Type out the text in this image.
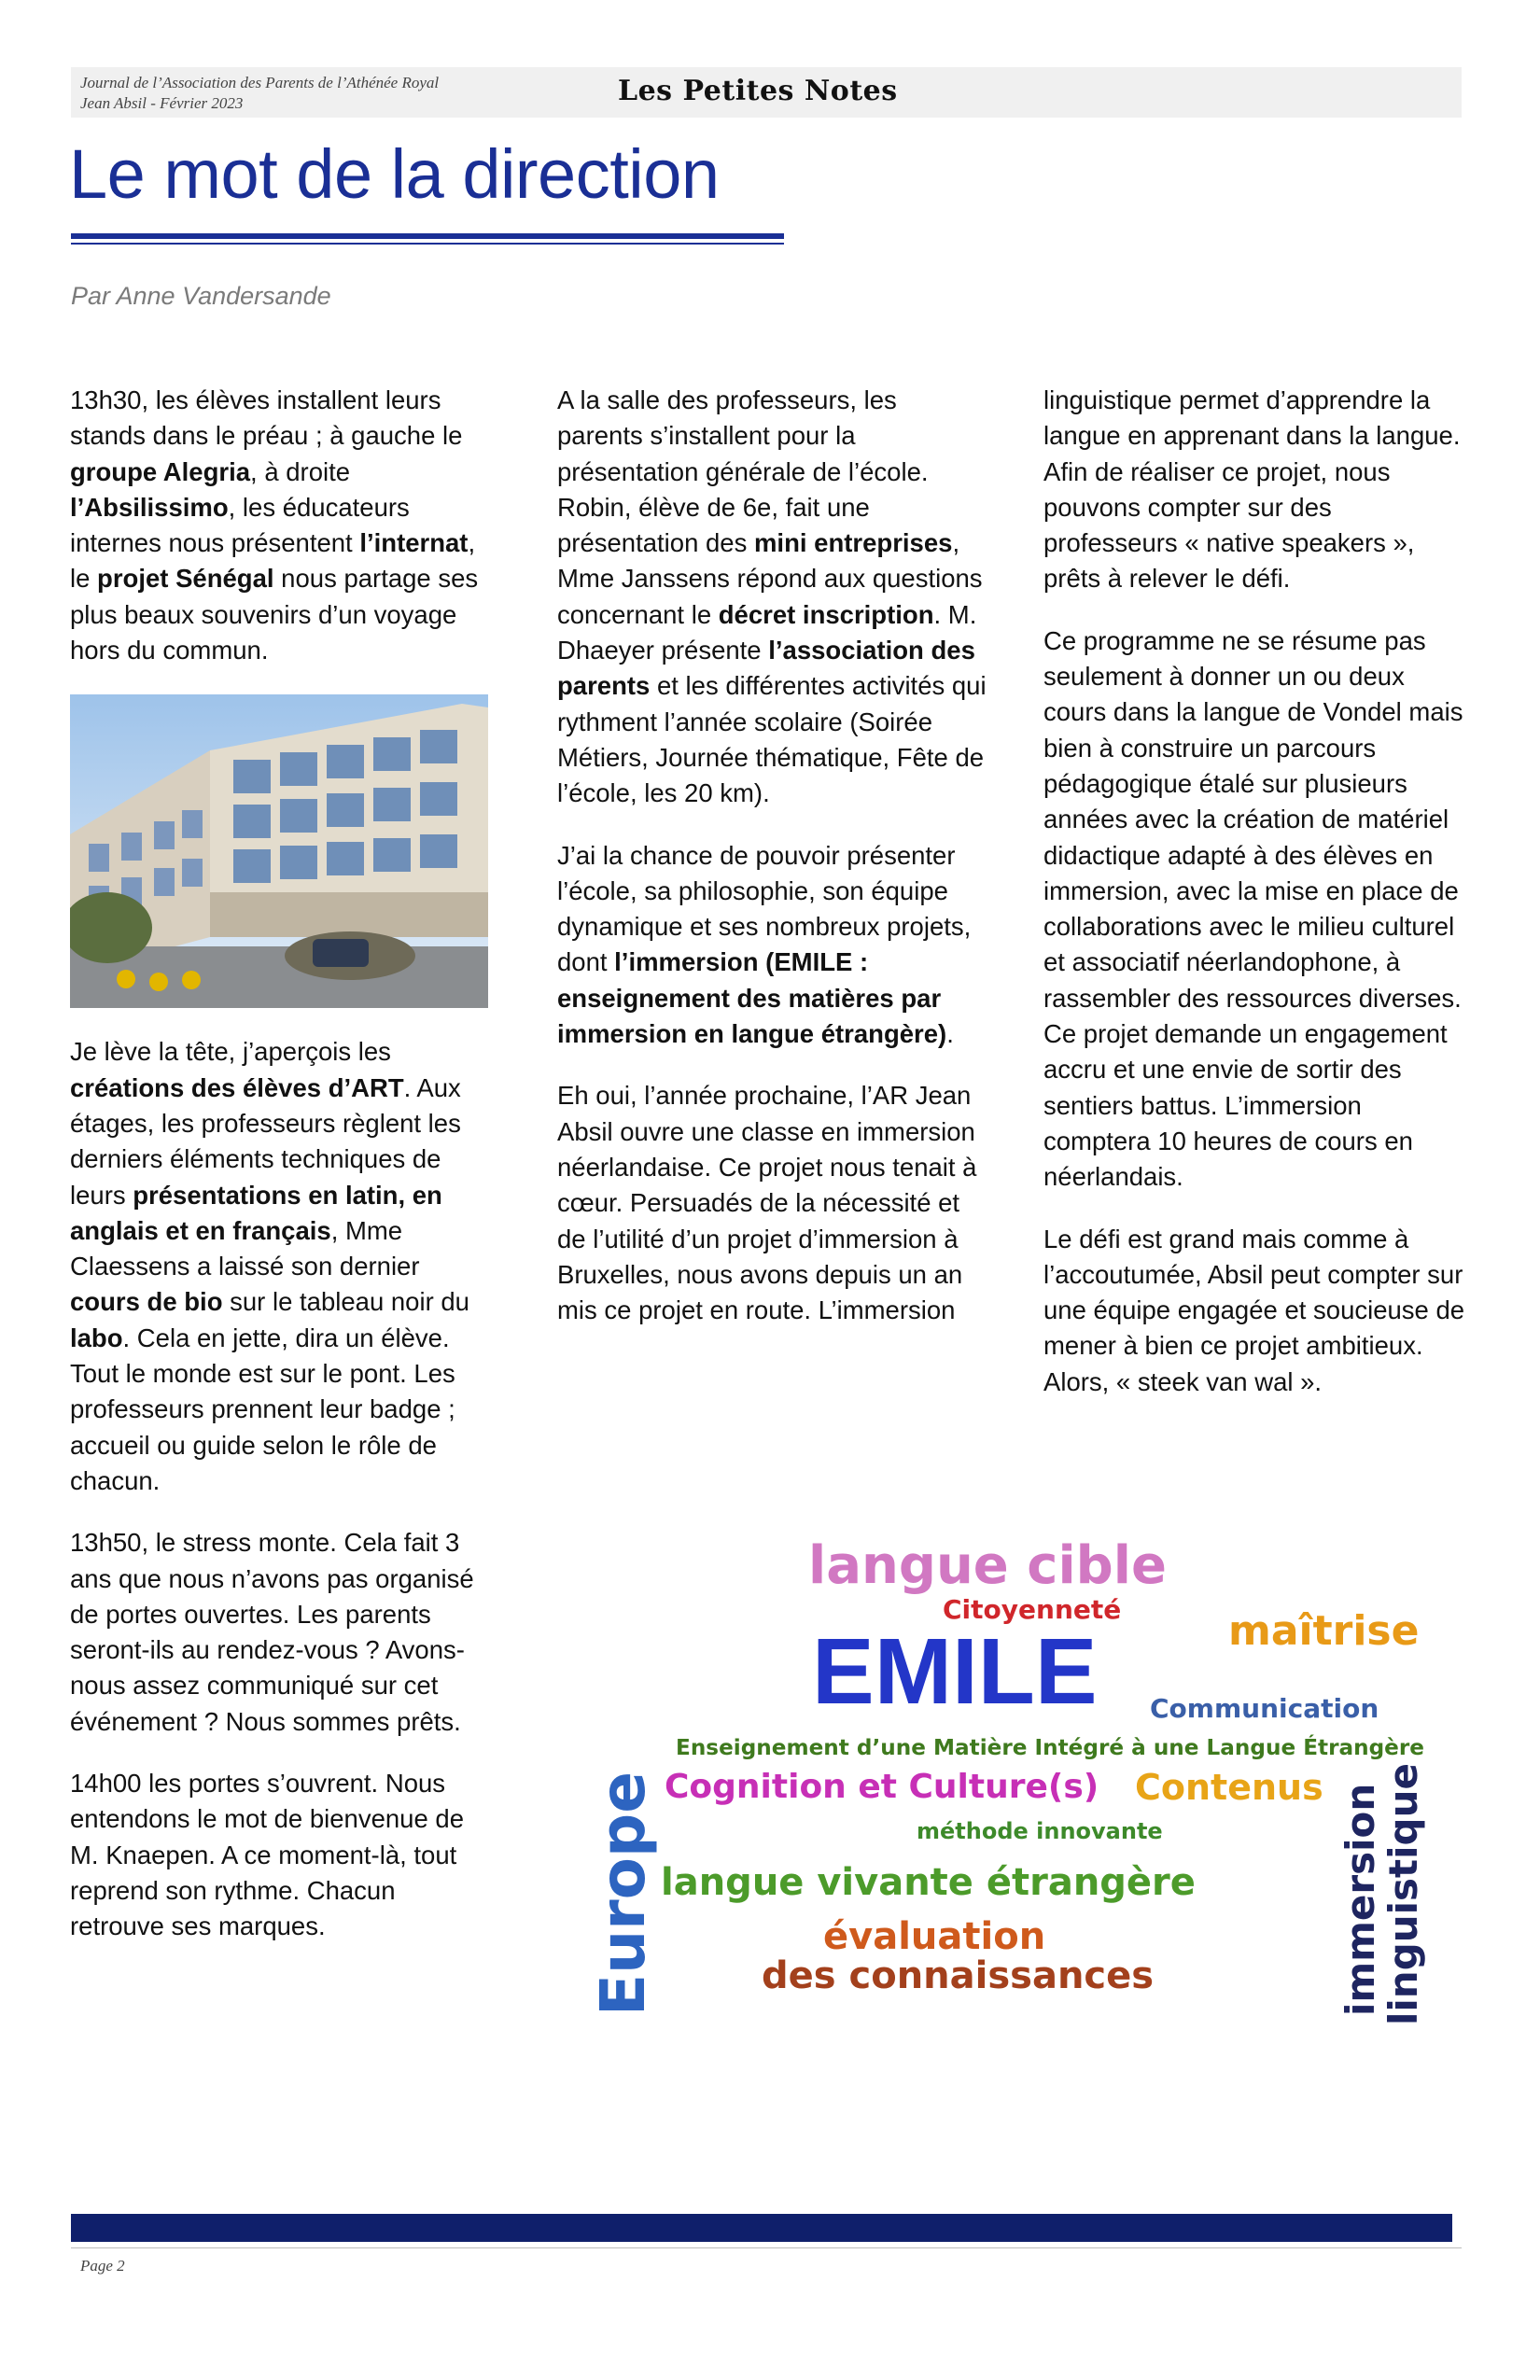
Journal de l’Association des Parents de l’Athénée Royal
Jean Absil - Février 2023	Les Petites Notes
Le mot de la direction
Par Anne Vandersande

13h30, les élèves installent leurs stands dans le préau ; à gauche le groupe Alegria, à droite l’Absilissimo, les éducateurs internes nous présentent l’internat, le projet Sénégal nous partage ses plus beaux souvenirs d’un voyage hors du commun.

Je lève la tête, j’aperçois les créations des élèves d’ART. Aux étages, les professeurs règlent les derniers éléments techniques de leurs présentations en latin, en anglais et en français, Mme Claessens a laissé son dernier cours de bio sur le tableau noir du labo. Cela en jette, dira un élève. Tout le monde est sur le pont. Les professeurs prennent leur badge ; accueil ou guide selon le rôle de chacun.

13h50, le stress monte. Cela fait 3 ans que nous n’avons pas organisé de portes ouvertes. Les parents seront-ils au rendez-vous ? Avons-nous assez communiqué sur cet événement ? Nous sommes prêts.

14h00 les portes s’ouvrent. Nous entendons le mot de bienvenue de M. Knaepen. A ce moment-là, tout reprend son rythme. Chacun retrouve ses marques.

A la salle des professeurs, les parents s’installent pour la présentation générale de l’école. Robin, élève de 6e, fait une présentation des mini entreprises, Mme Janssens répond aux questions concernant le décret inscription. M. Dhaeyer présente l’association des parents et les différentes activités qui rythment l’année scolaire (Soirée Métiers, Journée thématique, Fête de l’école, les 20 km).

J’ai la chance de pouvoir présenter l’école, sa philosophie, son équipe dynamique et ses nombreux projets, dont l’immersion (EMILE : enseignement des matières par immersion en langue étrangère).

Eh oui, l’année prochaine, l’AR Jean Absil ouvre une classe en immersion néerlandaise. Ce projet nous tenait à cœur. Persuadés de la nécessité et de l’utilité d’un projet d’immersion à Bruxelles, nous avons depuis un an mis ce projet en route. L’immersion

linguistique permet d’apprendre la langue en apprenant dans la langue. Afin de réaliser ce projet, nous pouvons compter sur des professeurs « native speakers », prêts à relever le défi.

Ce programme ne se résume pas seulement à donner un ou deux cours dans la langue de Vondel mais bien à construire un parcours pédagogique étalé sur plusieurs années avec la création de matériel didactique adapté à des élèves en immersion, avec la mise en place de collaborations avec le milieu culturel et associatif néerlandophone, à rassembler des ressources diverses. Ce projet demande un engagement accru et une envie de sortir des sentiers battus. L’immersion comptera 10 heures de cours en néerlandais.

Le défi est grand mais comme à l’accoutumée, Absil peut compter sur une équipe engagée et soucieuse de mener à bien ce projet ambitieux. Alors, « steek van wal ».

langue cible
Citoyenneté	maîtrise
EMILE Communication
Enseignement d’une Matière Intégré à une Langue Étrangère
Cognition et Culture(s) Contenus
méthode innovante
langue vivante étrangère
évaluation
des connaissances
Europe	immersion
linguistique
Page 2
